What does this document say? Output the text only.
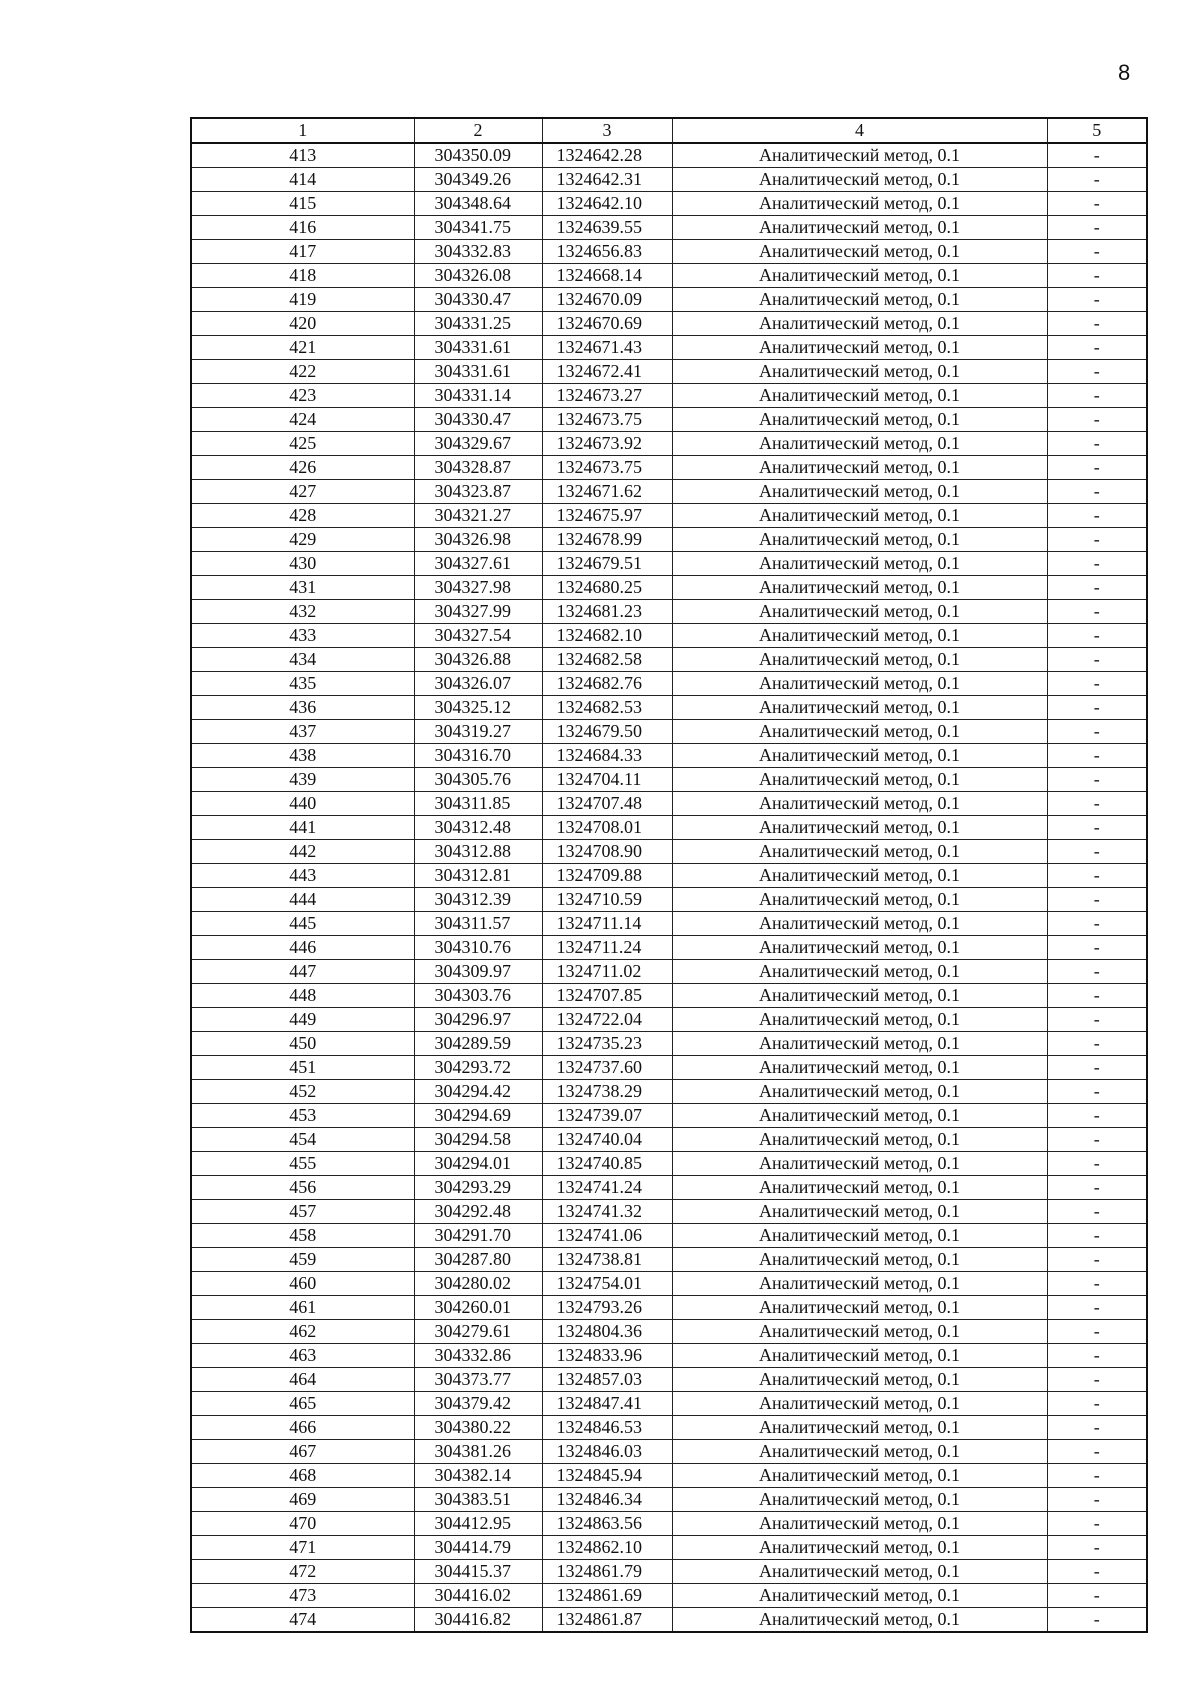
8
1	2	3	4	5
413	304350.09	1324642.28	Аналитический метод, 0.1	-
414	304349.26	1324642.31	Аналитический метод, 0.1	-
415	304348.64	1324642.10	Аналитический метод, 0.1	-
416	304341.75	1324639.55	Аналитический метод, 0.1	-
417	304332.83	1324656.83	Аналитический метод, 0.1	-
418	304326.08	1324668.14	Аналитический метод, 0.1	-
419	304330.47	1324670.09	Аналитический метод, 0.1	-
420	304331.25	1324670.69	Аналитический метод, 0.1	-
421	304331.61	1324671.43	Аналитический метод, 0.1	-
422	304331.61	1324672.41	Аналитический метод, 0.1	-
423	304331.14	1324673.27	Аналитический метод, 0.1	-
424	304330.47	1324673.75	Аналитический метод, 0.1	-
425	304329.67	1324673.92	Аналитический метод, 0.1	-
426	304328.87	1324673.75	Аналитический метод, 0.1	-
427	304323.87	1324671.62	Аналитический метод, 0.1	-
428	304321.27	1324675.97	Аналитический метод, 0.1	-
429	304326.98	1324678.99	Аналитический метод, 0.1	-
430	304327.61	1324679.51	Аналитический метод, 0.1	-
431	304327.98	1324680.25	Аналитический метод, 0.1	-
432	304327.99	1324681.23	Аналитический метод, 0.1	-
433	304327.54	1324682.10	Аналитический метод, 0.1	-
434	304326.88	1324682.58	Аналитический метод, 0.1	-
435	304326.07	1324682.76	Аналитический метод, 0.1	-
436	304325.12	1324682.53	Аналитический метод, 0.1	-
437	304319.27	1324679.50	Аналитический метод, 0.1	-
438	304316.70	1324684.33	Аналитический метод, 0.1	-
439	304305.76	1324704.11	Аналитический метод, 0.1	-
440	304311.85	1324707.48	Аналитический метод, 0.1	-
441	304312.48	1324708.01	Аналитический метод, 0.1	-
442	304312.88	1324708.90	Аналитический метод, 0.1	-
443	304312.81	1324709.88	Аналитический метод, 0.1	-
444	304312.39	1324710.59	Аналитический метод, 0.1	-
445	304311.57	1324711.14	Аналитический метод, 0.1	-
446	304310.76	1324711.24	Аналитический метод, 0.1	-
447	304309.97	1324711.02	Аналитический метод, 0.1	-
448	304303.76	1324707.85	Аналитический метод, 0.1	-
449	304296.97	1324722.04	Аналитический метод, 0.1	-
450	304289.59	1324735.23	Аналитический метод, 0.1	-
451	304293.72	1324737.60	Аналитический метод, 0.1	-
452	304294.42	1324738.29	Аналитический метод, 0.1	-
453	304294.69	1324739.07	Аналитический метод, 0.1	-
454	304294.58	1324740.04	Аналитический метод, 0.1	-
455	304294.01	1324740.85	Аналитический метод, 0.1	-
456	304293.29	1324741.24	Аналитический метод, 0.1	-
457	304292.48	1324741.32	Аналитический метод, 0.1	-
458	304291.70	1324741.06	Аналитический метод, 0.1	-
459	304287.80	1324738.81	Аналитический метод, 0.1	-
460	304280.02	1324754.01	Аналитический метод, 0.1	-
461	304260.01	1324793.26	Аналитический метод, 0.1	-
462	304279.61	1324804.36	Аналитический метод, 0.1	-
463	304332.86	1324833.96	Аналитический метод, 0.1	-
464	304373.77	1324857.03	Аналитический метод, 0.1	-
465	304379.42	1324847.41	Аналитический метод, 0.1	-
466	304380.22	1324846.53	Аналитический метод, 0.1	-
467	304381.26	1324846.03	Аналитический метод, 0.1	-
468	304382.14	1324845.94	Аналитический метод, 0.1	-
469	304383.51	1324846.34	Аналитический метод, 0.1	-
470	304412.95	1324863.56	Аналитический метод, 0.1	-
471	304414.79	1324862.10	Аналитический метод, 0.1	-
472	304415.37	1324861.79	Аналитический метод, 0.1	-
473	304416.02	1324861.69	Аналитический метод, 0.1	-
474	304416.82	1324861.87	Аналитический метод, 0.1	-
